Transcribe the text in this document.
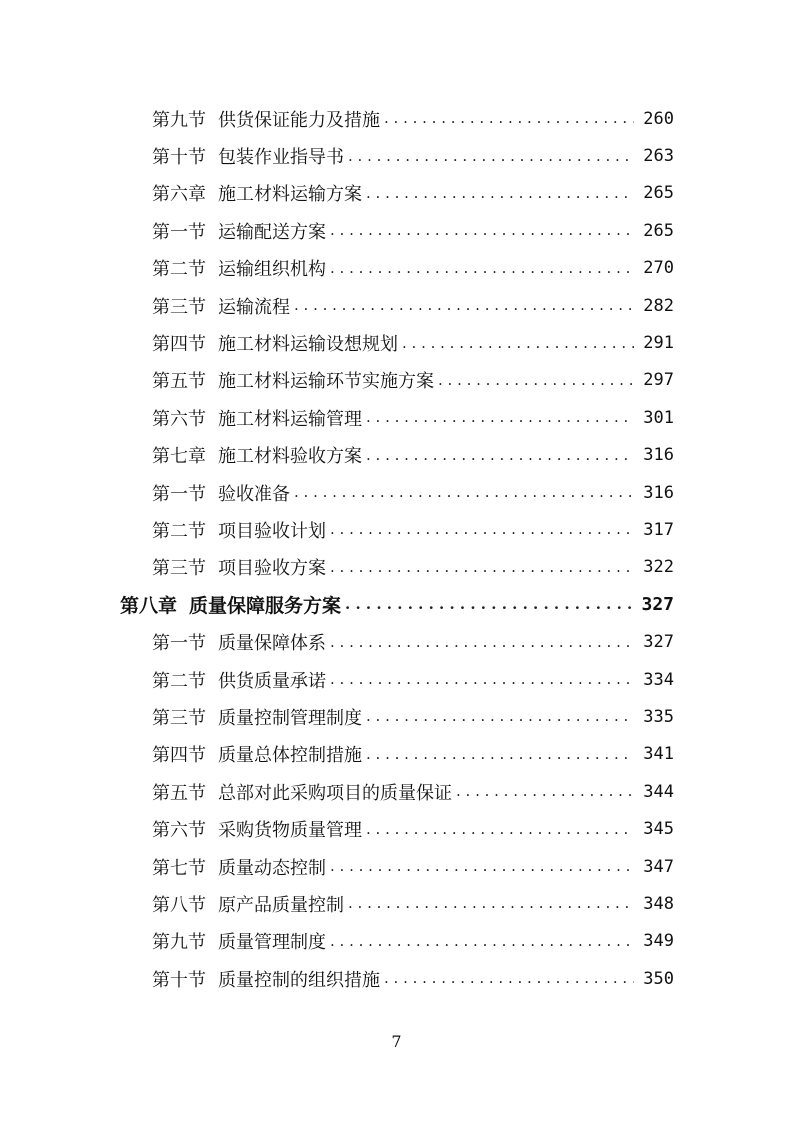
第九节 供货保证能力及措施 . . .	260
第十节 包装作业指导书 . . .	263
第六章 施工材料运输方案 . . .	265
第一节 运输配送方案 . . .	265
第二节 运输组织机构 . . .	270
第三节 运输流程 . . .	282
第四节 施工材料运输设想规划 . . .	291
第五节 施工材料运输环节实施方案 . . .	297
第六节 施工材料运输管理 . . .	301
第七章 施工材料验收方案 . . .	316
第一节 验收准备 . . .	316
第二节 项目验收计划 . . .	317
第三节 项目验收方案 . . .	322
第八章 质量保障服务方案 . . .	327
第一节 质量保障体系 . . .	327
第二节 供货质量承诺 . . .	334
第三节 质量控制管理制度 . . .	335
第四节 质量总体控制措施 . . .	341
第五节 总部对此采购项目的质量保证 . . .	344
第六节 采购货物质量管理 . . .	345
第七节 质量动态控制 . . .	347
第八节 原产品质量控制 . . .	348
第九节 质量管理制度 . . .	349
第十节 质量控制的组织措施 . . .	350
7
